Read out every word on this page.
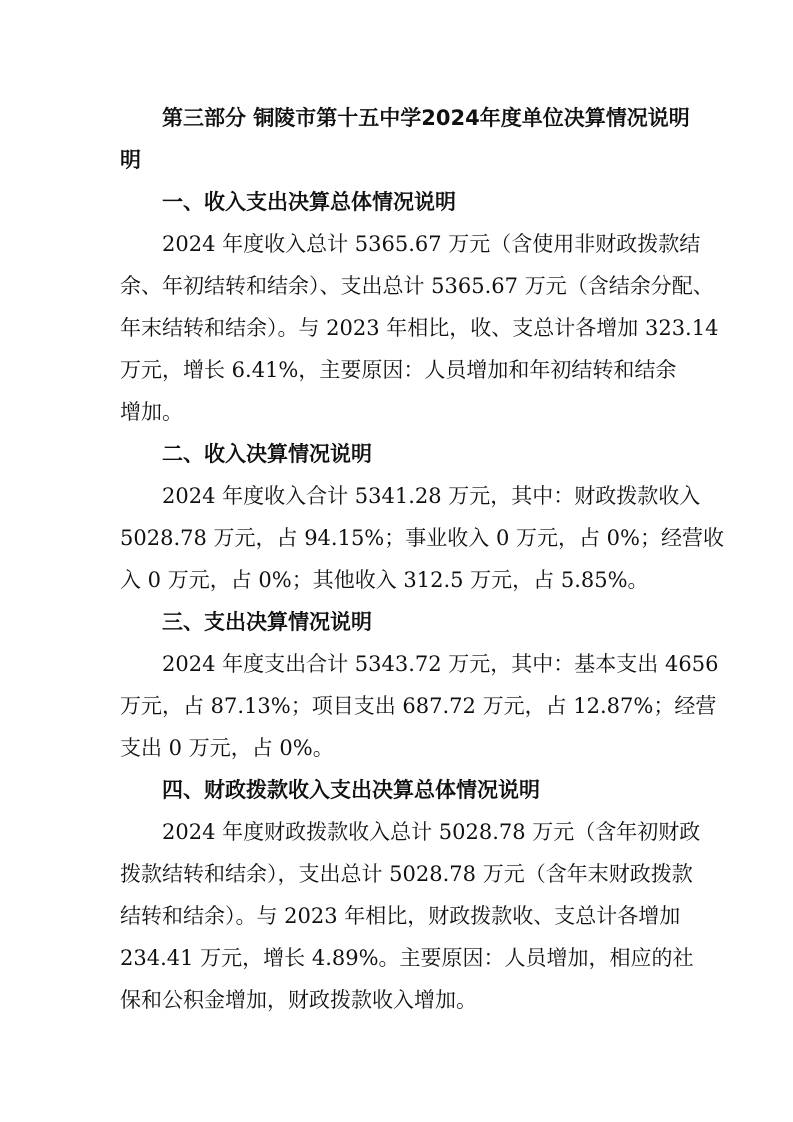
第三部分 铜陵市第十五中学2024年度单位决算情况说明
明
一、收入支出决算总体情况说明
2024 年度收入总计 5365.67 万元（含使用非财政拨款结
余、年初结转和结余）、支出总计 5365.67 万元（含结余分配、
年末结转和结余）。与 2023 年相比，收、支总计各增加 323.14
万元，增长 6.41%，主要原因：人员增加和年初结转和结余
增加。
二、收入决算情况说明
2024 年度收入合计 5341.28 万元，其中：财政拨款收入
5028.78 万元，占 94.15%；事业收入 0 万元，占 0%；经营收
入 0 万元，占 0%；其他收入 312.5 万元，占 5.85%。
三、支出决算情况说明
2024 年度支出合计 5343.72 万元，其中：基本支出 4656
万元，占 87.13%；项目支出 687.72 万元，占 12.87%；经营
支出 0 万元，占 0%。
四、财政拨款收入支出决算总体情况说明
2024 年度财政拨款收入总计 5028.78 万元（含年初财政
拨款结转和结余），支出总计 5028.78 万元（含年末财政拨款
结转和结余）。与 2023 年相比，财政拨款收、支总计各增加
234.41 万元，增长 4.89%。主要原因：人员增加，相应的社
保和公积金增加，财政拨款收入增加。
